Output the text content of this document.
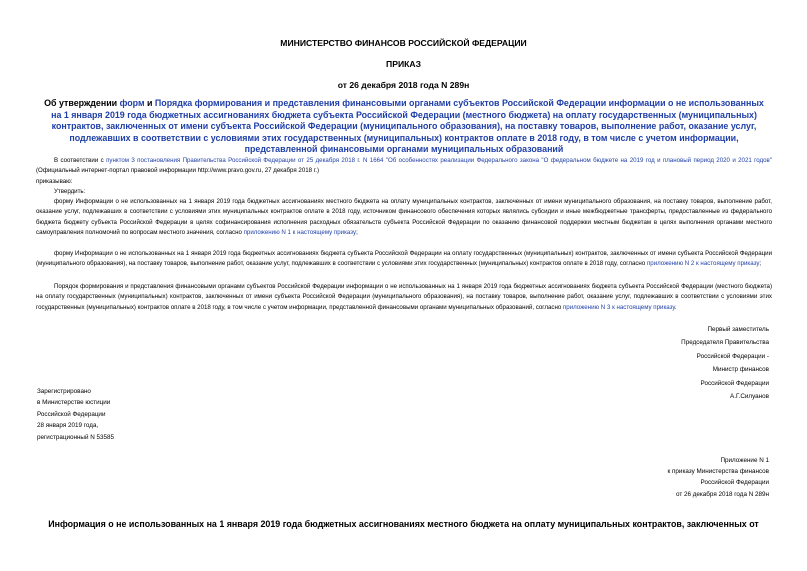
МИНИСТЕРСТВО ФИНАНСОВ РОССИЙСКОЙ ФЕДЕРАЦИИ
ПРИКАЗ
от 26 декабря 2018 года N 289н
Об утверждении форм и Порядка формирования и представления финансовыми органами субъектов Российской Федерации информации о не использованных на 1 января 2019 года бюджетных ассигнованиях бюджета субъекта Российской Федерации (местного бюджета) на оплату государственных (муниципальных) контрактов, заключенных от имени субъекта Российской Федерации (муниципального образования), на поставку товаров, выполнение работ, оказание услуг, подлежавших в соответствии с условиями этих государственных (муниципальных) контрактов оплате в 2018 году, в том числе с учетом информации, представленной финансовыми органами муниципальных образований

В соответствии с пунктом 3 постановления Правительства Российской Федерации от 25 декабря 2018 г. N 1664 "Об особенностях реализации Федерального закона "О федеральном бюджете на 2019 год и плановый период 2020 и 2021 годов" (Официальный интернет-портал правовой информации http://www.pravo.gov.ru, 27 декабря 2018 г.)

приказываю:

Утвердить:

форму Информации о не использованных на 1 января 2019 года бюджетных ассигнованиях местного бюджета на оплату муниципальных контрактов, заключенных от имени муниципального образования, на поставку товаров, выполнение работ, оказание услуг, подлежавших в соответствии с условиями этих муниципальных контрактов оплате в 2018 году, источником финансового обеспечения которых являлись субсидии и иные межбюджетные трансферты, предоставленные из федерального бюджета бюджету субъекта Российской Федерации в целях софинансирования исполнения расходных обязательств субъекта Российской Федерации по оказанию финансовой поддержки местным бюджетам в целях выполнения органами местного самоуправления полномочий по вопросам местного значения, согласно приложению N 1 к настоящему приказу;

форму Информации о не использованных на 1 января 2019 года бюджетных ассигнованиях бюджета субъекта Российской Федерации на оплату государственных (муниципальных) контрактов, заключенных от имени субъекта Российской Федерации (муниципального образования), на поставку товаров, выполнение работ, оказание услуг, подлежавших в соответствии с условиями этих государственных (муниципальных) контрактов оплате в 2018 году, согласно приложению N 2 к настоящему приказу;

Порядок формирования и представления финансовыми органами субъектов Российской Федерации информации о не использованных на 1 января 2019 года бюджетных ассигнованиях бюджета субъекта Российской Федерации (местного бюджета) на оплату государственных (муниципальных) контрактов, заключенных от имени субъекта Российской Федерации (муниципального образования), на поставку товаров, выполнение работ, оказание услуг, подлежавших в соответствии с условиями этих государственных (муниципальных) контрактов оплате в 2018 году, в том числе с учетом информации, представленной финансовыми органами муниципальных образований, согласно приложению N 3 к настоящему приказу.

Первый заместитель
Председателя Правительства
Российской Федерации -
Министр финансов
Российской Федерации
А.Г.Силуанов
Зарегистрировано
в Министерстве юстиции
Российской Федерации
28 января 2019 года,
регистрационный N 53585
Приложение N 1
к приказу Министерства финансов
Российской Федерации
от 26 декабря 2018 года N 289н
Информация о не использованных на 1 января 2019 года бюджетных ассигнованиях местного бюджета на оплату муниципальных контрактов, заключенных от
